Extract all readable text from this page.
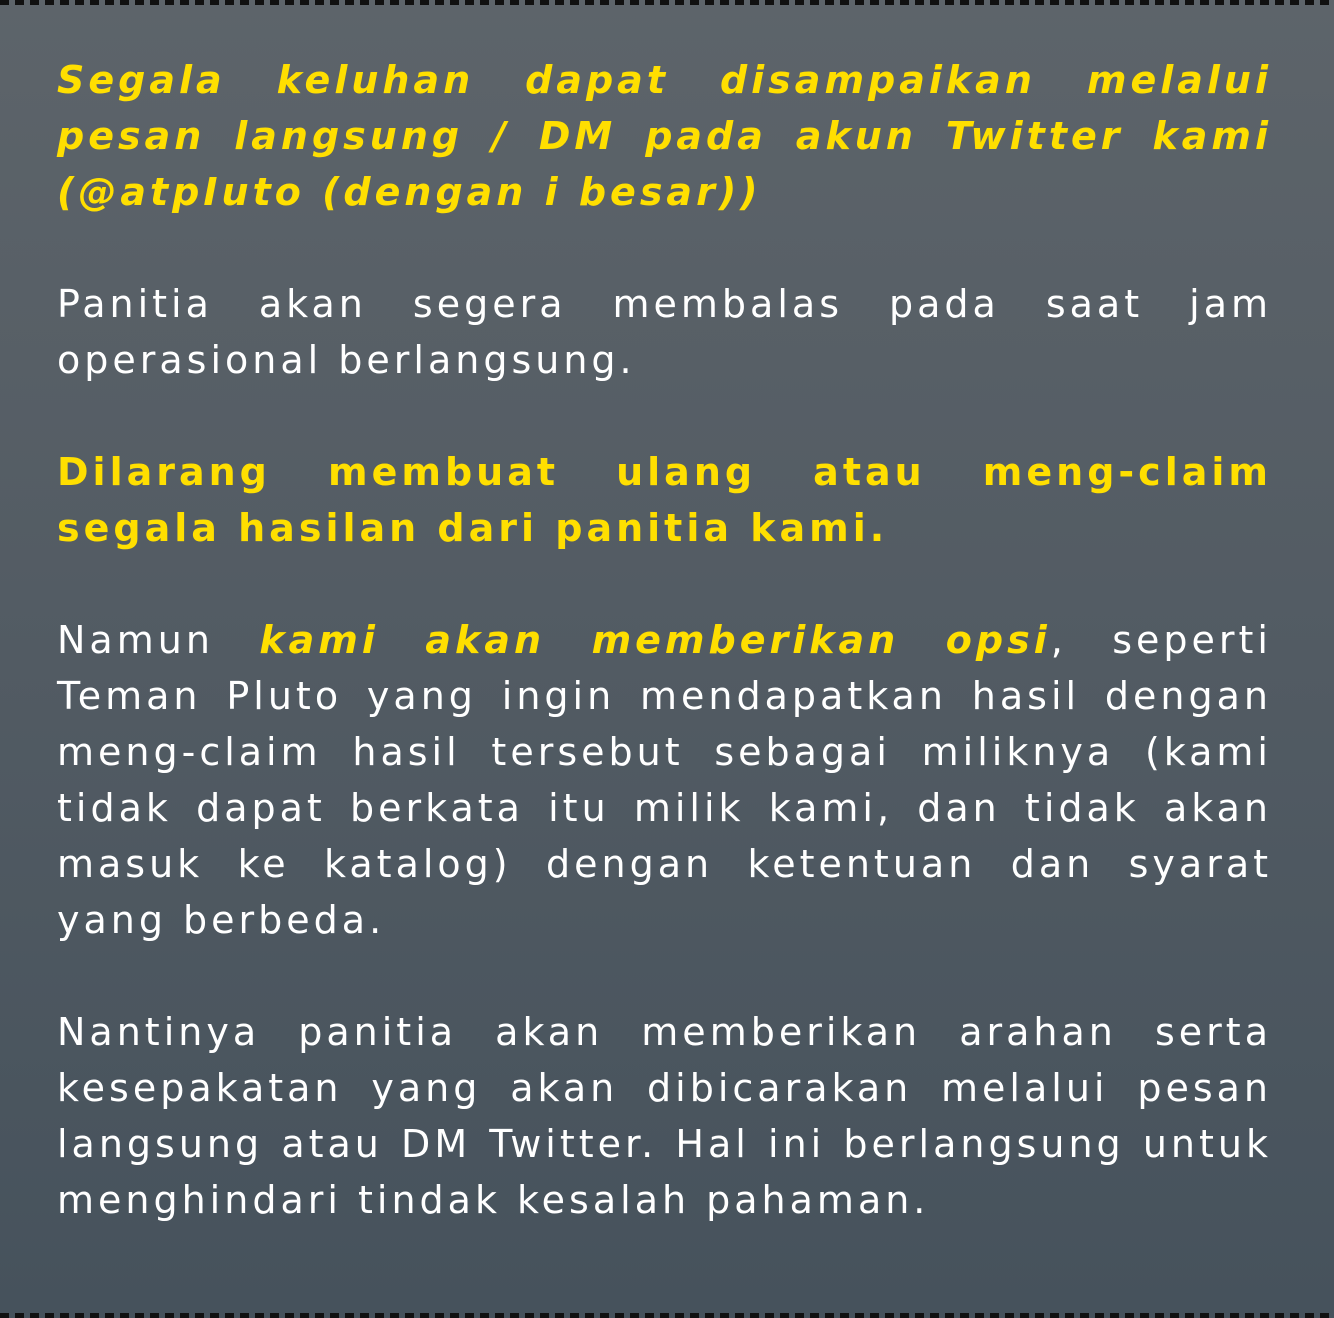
Segala keluhan dapat disampaikan melalui pesan langsung / DM pada akun Twitter kami (@atpIuto (dengan i besar))

Panitia akan segera membalas pada saat jam operasional berlangsung.

Dilarang membuat ulang atau meng-claim segala hasilan dari panitia kami.

Namun kami akan memberikan opsi, seperti Teman Pluto yang ingin mendapatkan hasil dengan meng-claim hasil tersebut sebagai miliknya (kami tidak dapat berkata itu milik kami, dan tidak akan masuk ke katalog) dengan ketentuan dan syarat yang berbeda.

Nantinya panitia akan memberikan arahan serta kesepakatan yang akan dibicarakan melalui pesan langsung atau DM Twitter. Hal ini berlangsung untuk menghindari tindak kesalah pahaman.
